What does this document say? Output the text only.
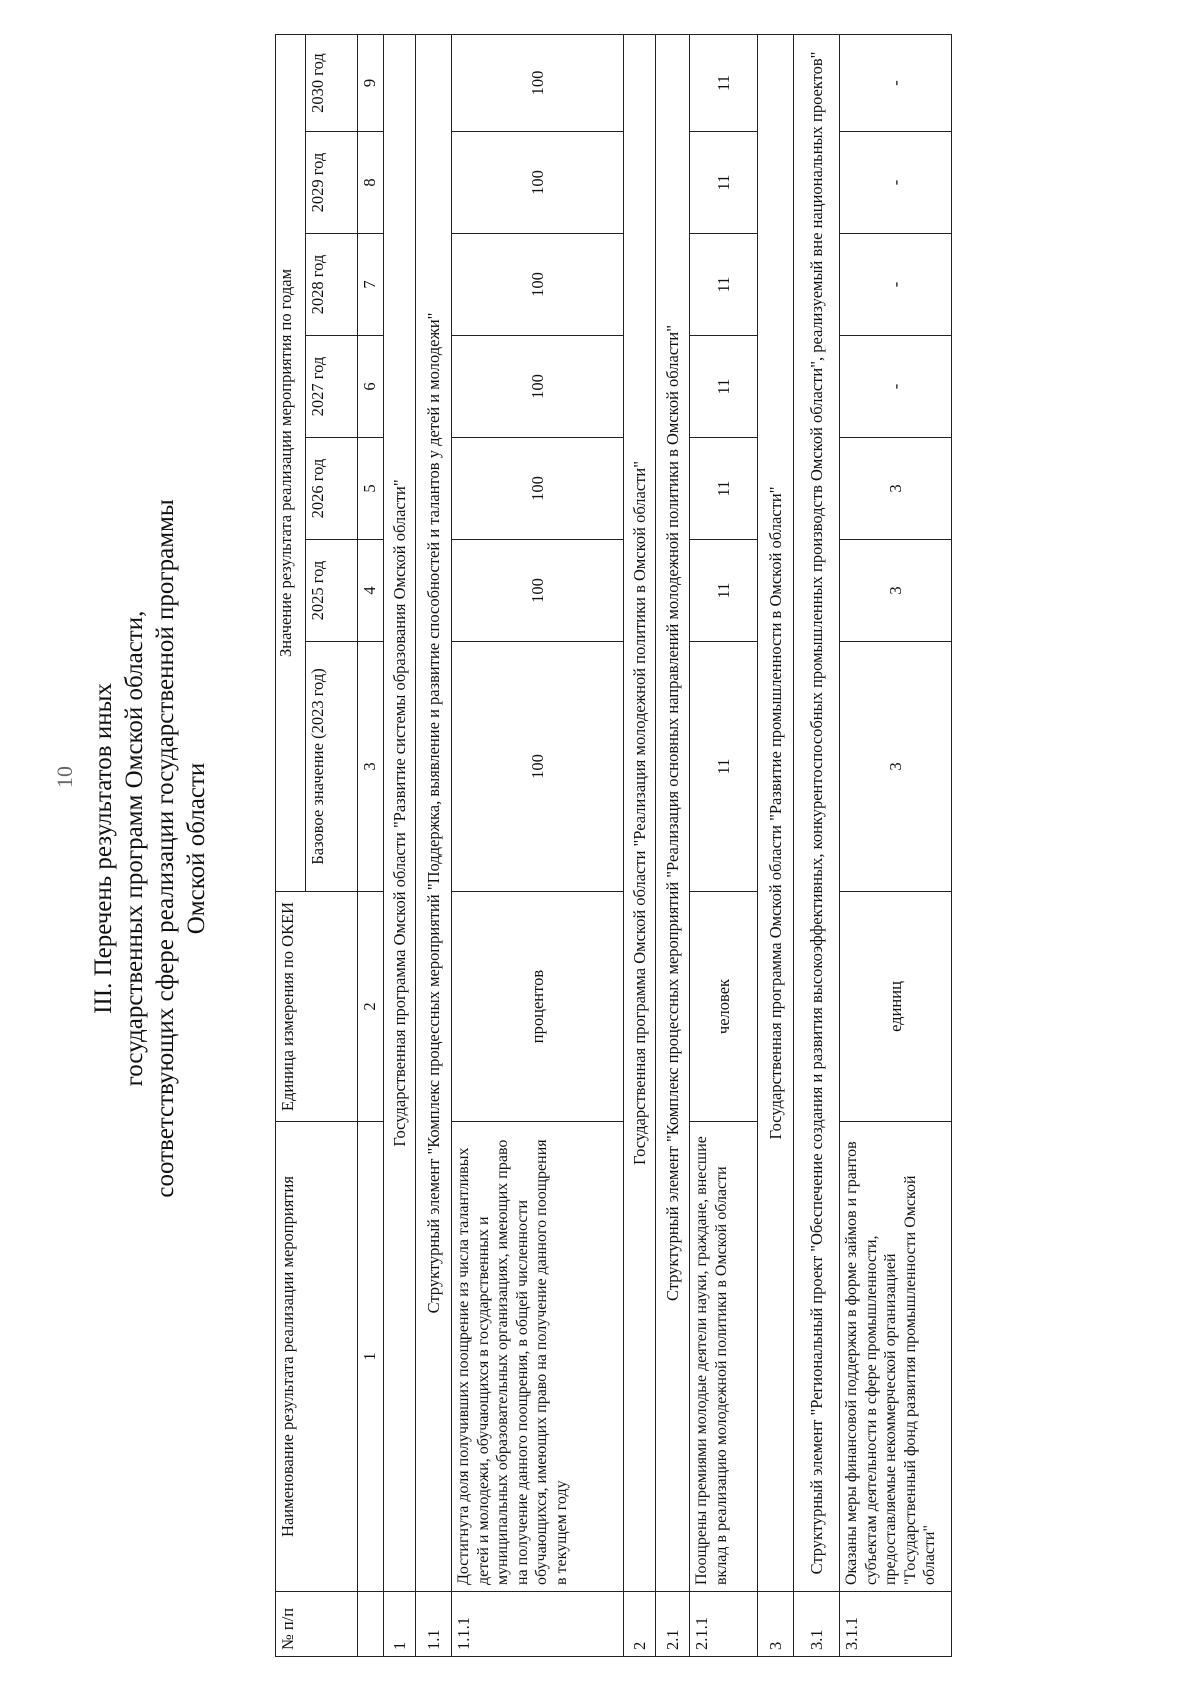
10 III. Перечень результатов иных государственных программ Омской области, соответствующих сфере реализации государственной программы Омской области
№ п/п	Наименование результата реализации мероприятия	Единица измерения по ОКЕИ	Значение результата реализации мероприятия по годам						
			Базовое значение (2023 год)	2025 год	2026 год	2027 год	2028 год	2029 год	2030 год
	1	2	3	4	5	6	7	8	9
1	Государственная программа Омской области "Развитие системы образования Омской области"								
1.1	Структурный элемент "Комплекс процессных мероприятий "Поддержка, выявление и развитие способностей и талантов у детей и молодежи"								
1.1.1	Достигнута доля получивших поощрение из числа талантливых детей и молодежи, обучающихся в государственных и муниципальных образовательных организациях, имеющих право на получение данного поощрения, в общей численности обучающихся, имеющих право на получение данного поощрения в текущем году	процентов	100	100	100	100	100	100	100
2	Государственная программа Омской области "Реализация молодежной политики в Омской области"								
2.1	Структурный элемент "Комплекс процессных мероприятий "Реализация основных направлений молодежной политики в Омской области"								
2.1.1	Поощрены премиями молодые деятели науки, граждане, внесшие вклад в реализацию молодежной политики в Омской области	человек	11	11	11	11	11	11	11
3	Государственная программа Омской области "Развитие промышленности в Омской области"								
3.1	Структурный элемент "Региональный проект "Обеспечение создания и развития высокоэффективных, конкурентоспособных промышленных производств Омской области", реализуемый вне национальных проектов"								
3.1.1	Оказаны меры финансовой поддержки в форме займов и грантов субъектам деятельности в сфере промышленности, предоставляемые некоммерческой организацией "Государственный фонд развития промышленности Омской области"	единиц	3	3	3	-	-	-	-
